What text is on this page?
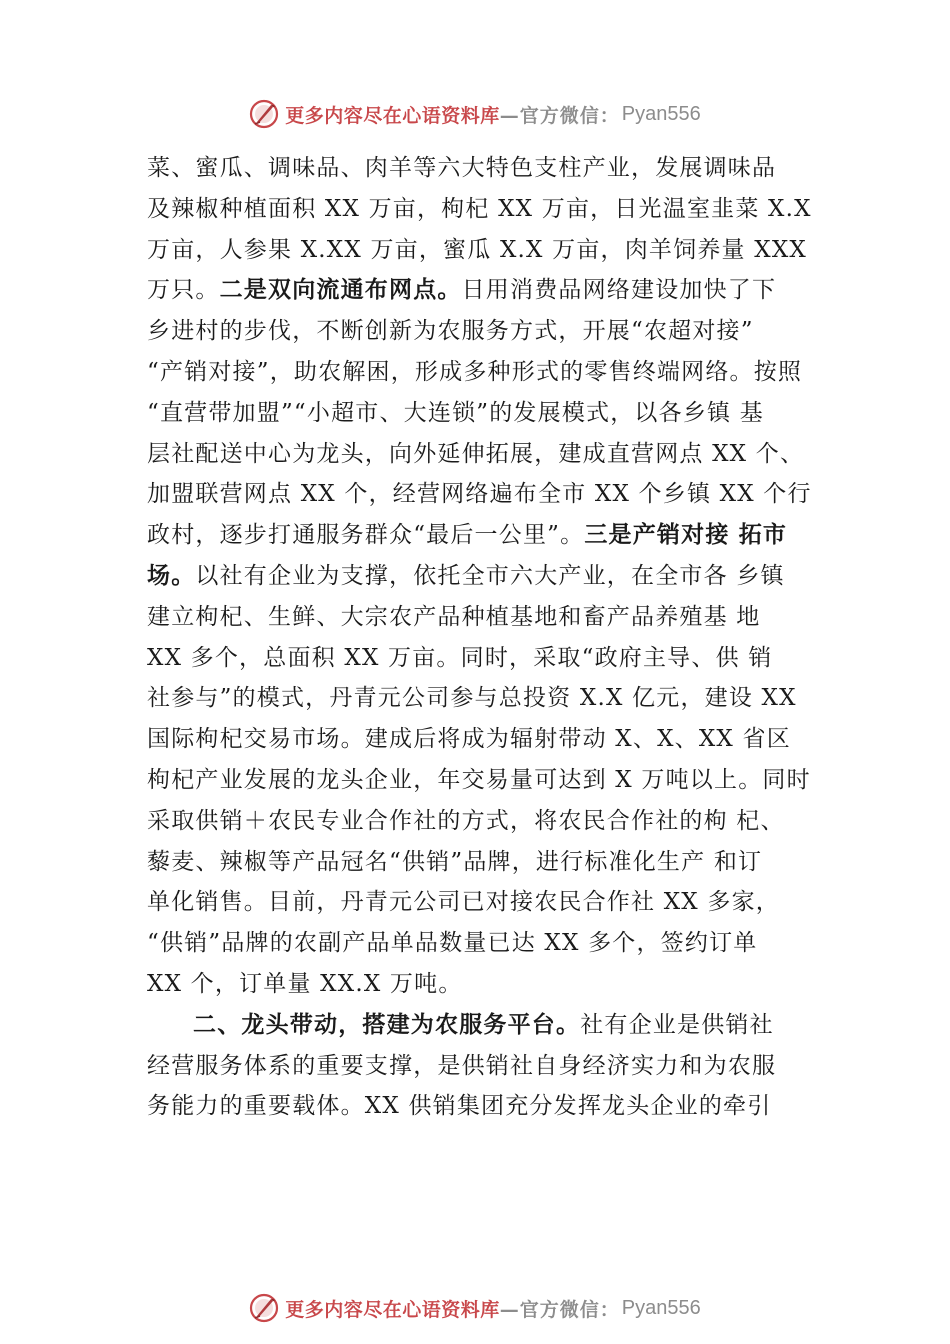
更多内容尽在心语资料库 —官方微信： Pyan556
菜、蜜瓜、调味品、肉羊等六大特色支柱产业，发展调味品
及辣椒种植面积 XX 万亩，枸杞 XX 万亩，日光温室韭菜 X.X
万亩，人参果 X.XX 万亩，蜜瓜 X.X 万亩，肉羊饲养量 XXX
万只。二是双向流通布网点。日用消费品网络建设加快了下
乡进村的步伐，不断创新为农服务方式，开展“农超对接”
“产销对接”，助农解困，形成多种形式的零售终端网络。按照
“直营带加盟”“小超市、大连锁”的发展模式，以各乡镇 基
层社配送中心为龙头，向外延伸拓展，建成直营网点 XX 个、
加盟联营网点 XX 个，经营网络遍布全市 XX 个乡镇 XX 个行
政村，逐步打通服务群众“最后一公里”。三是产销对接 拓市
场。以社有企业为支撑，依托全市六大产业，在全市各 乡镇
建立枸杞、生鲜、大宗农产品种植基地和畜产品养殖基 地
XX 多个，总面积 XX 万亩。同时，采取“政府主导、供 销
社参与”的模式，丹青元公司参与总投资 X.X 亿元，建设 XX
国际枸杞交易市场。建成后将成为辐射带动 X、X、XX 省区
枸杞产业发展的龙头企业，年交易量可达到 X 万吨以上。同时
采取供销＋农民专业合作社的方式，将农民合作社的枸 杞、
藜麦、辣椒等产品冠名“供销”品牌，进行标准化生产 和订
单化销售。目前，丹青元公司已对接农民合作社 XX 多家，
“供销”品牌的农副产品单品数量已达 XX 多个，签约订单
XX 个，订单量 XX.X 万吨。
二、龙头带动，搭建为农服务平台。社有企业是供销社
经营服务体系的重要支撑，是供销社自身经济实力和为农服
务能力的重要载体。XX 供销集团充分发挥龙头企业的牵引
更多内容尽在心语资料库 —官方微信： Pyan556
